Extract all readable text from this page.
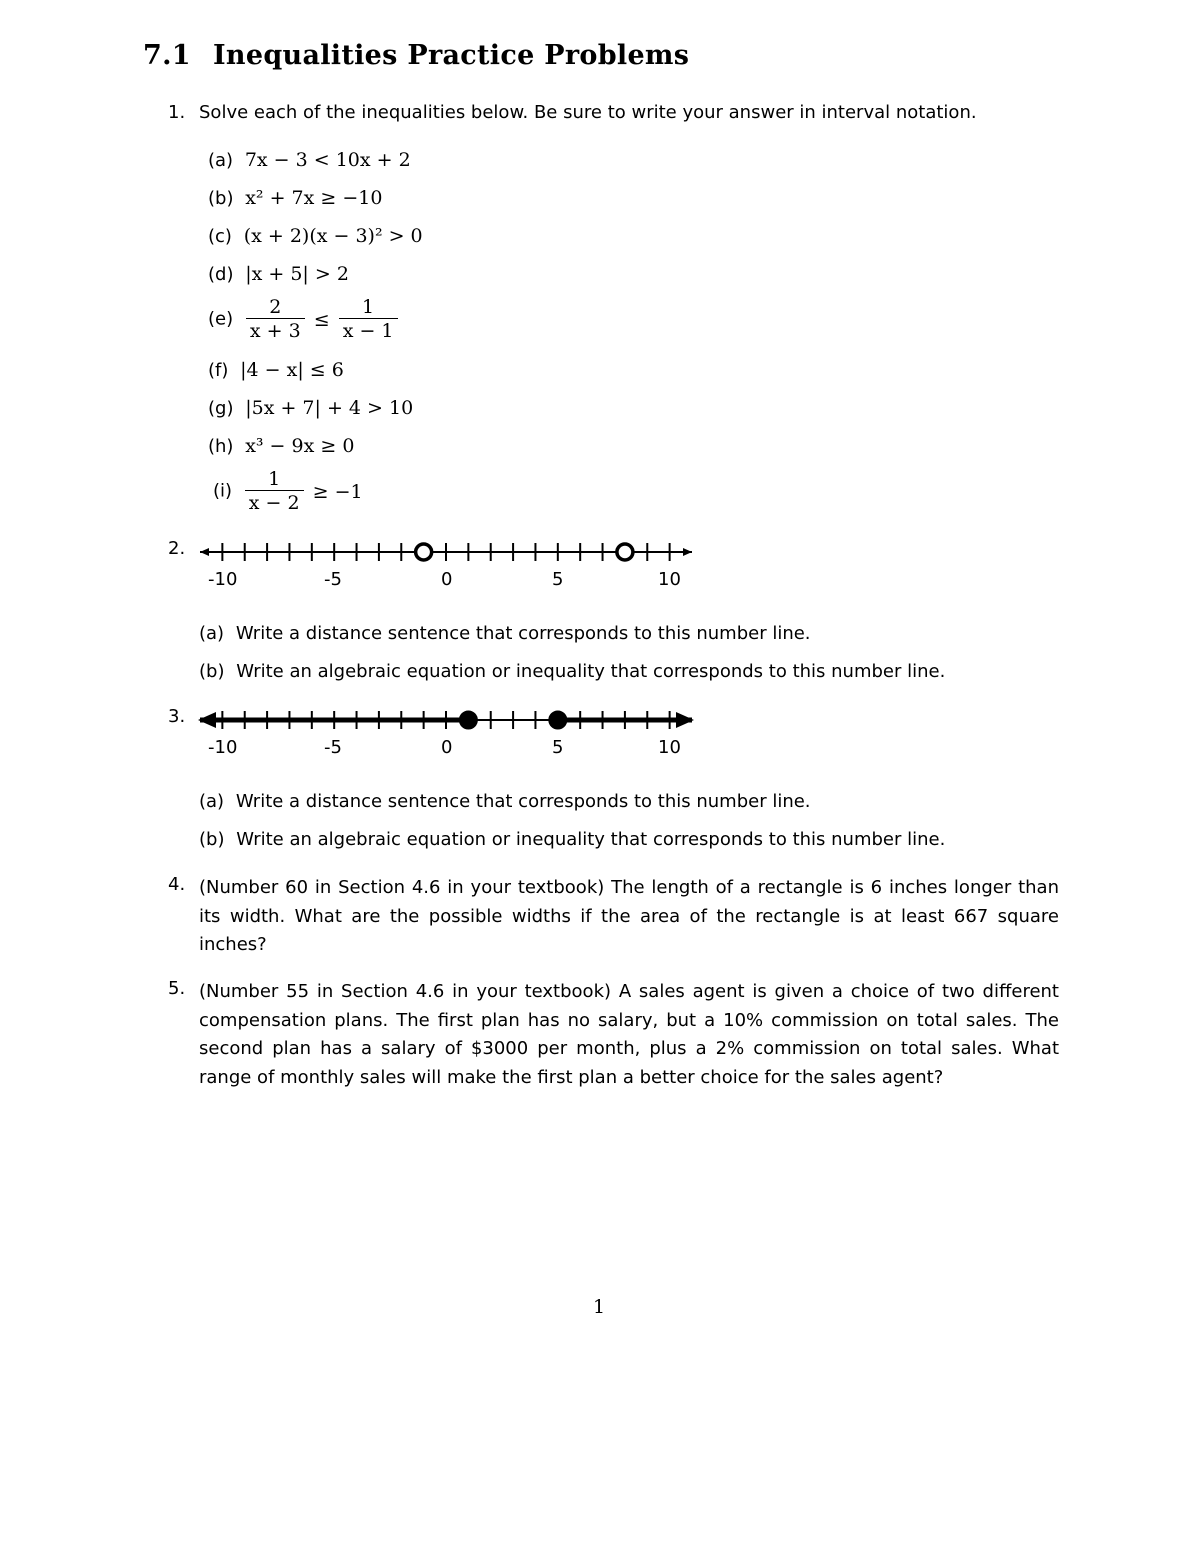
7.1 Inequalities Practice Problems
1. Solve each of the inequalities below. Be sure to write your answer in interval notation.
(a) 7x − 3 < 10x + 2
(b) x² + 7x ≥ −10
(c) (x + 2)(x − 3)² > 0
(d) |x + 5| > 2
$(e) \frac{2}{x + 3} \le \frac{1}{x - 1}$
(f) |4 − x| ≤ 6
(g) |5x + 7| + 4 > 10
(h) x³ − 9x ≥ 0
$(i) \frac{1}{x - 2} \ge -1$
2.
-10	-5	0	5	10
(a) Write a distance sentence that corresponds to this number line.
(b) Write an algebraic equation or inequality that corresponds to this number line.
3.
-10	-5	0	5	10
(a) Write a distance sentence that corresponds to this number line.
(b) Write an algebraic equation or inequality that corresponds to this number line.
4. (Number 60 in Section 4.6 in your textbook) The length of a rectangle is 6 inches longer than its width. What are the possible widths if the area of the rectangle is at least 667 square inches?
5. (Number 55 in Section 4.6 in your textbook) A sales agent is given a choice of two different compensation plans. The first plan has no salary, but a 10% commission on total sales. The second plan has a salary of $3000 per month, plus a 2% commission on total sales. What range of monthly sales will make the first plan a better choice for the sales agent?
1
